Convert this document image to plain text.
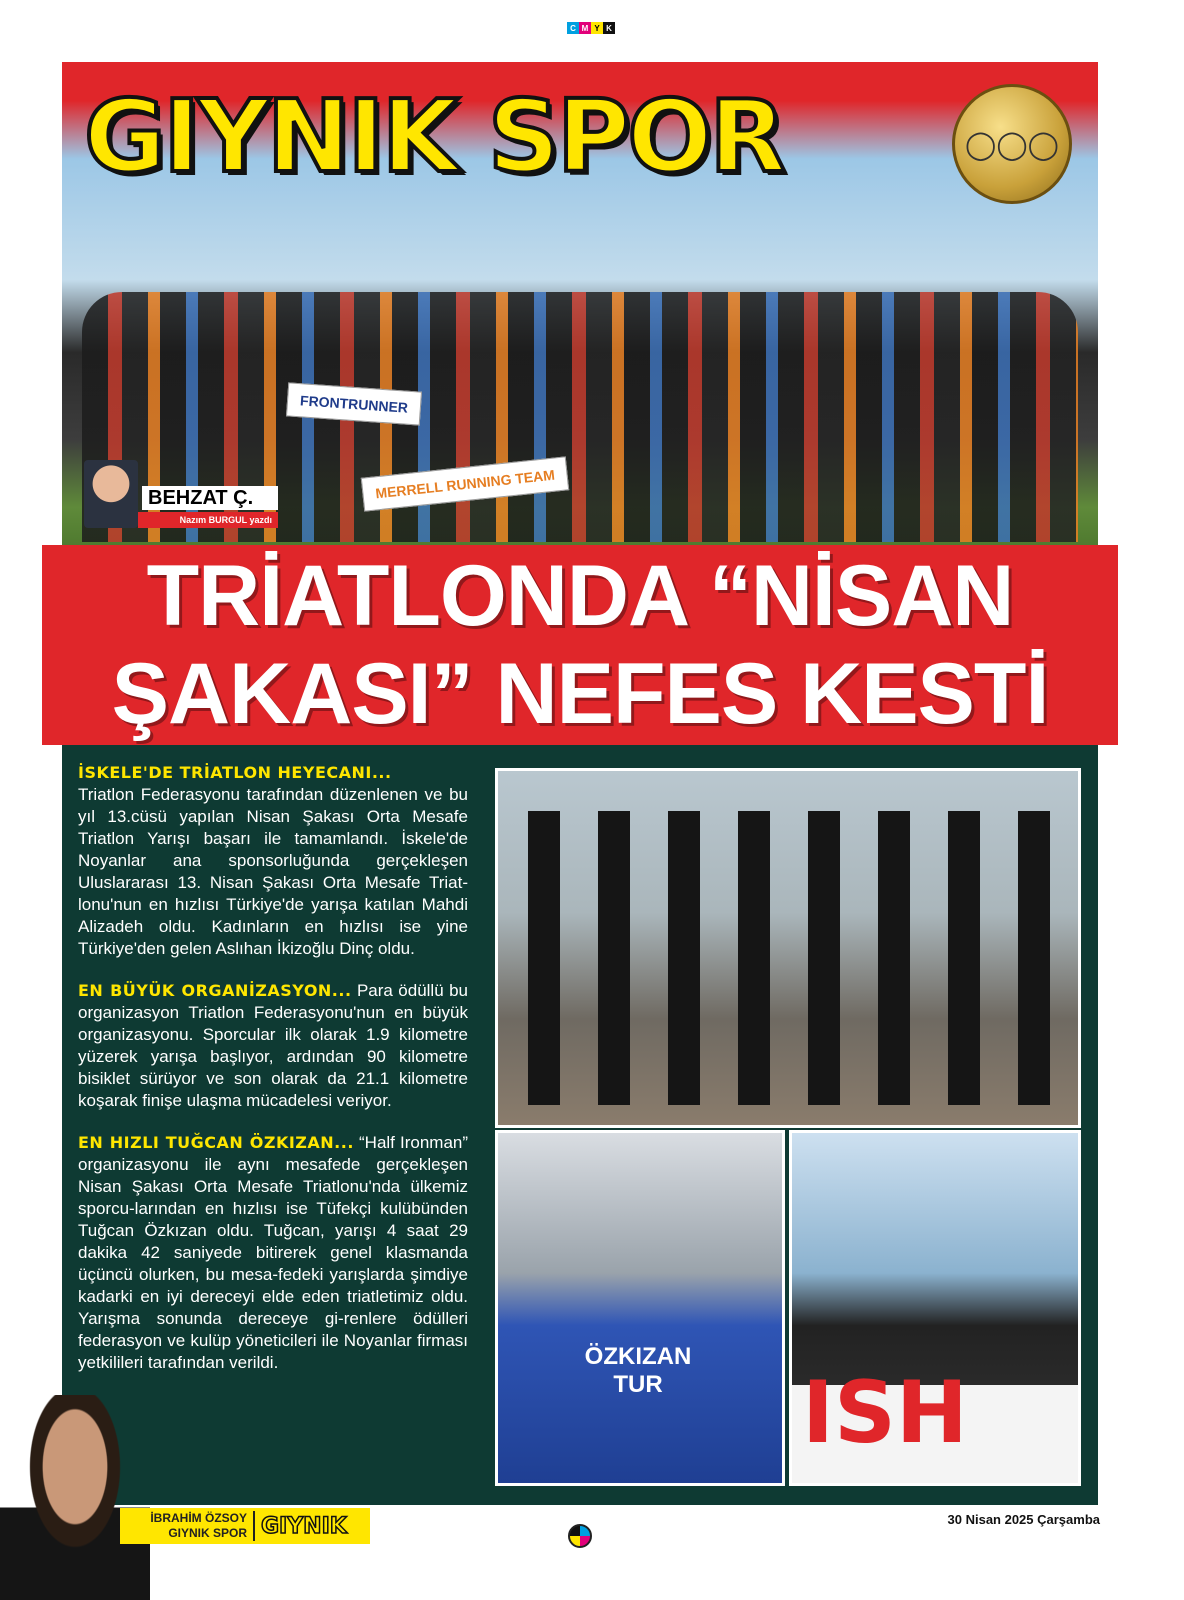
C M Y K
◯◯◯
GIYNIK SPOR
FRONTRUNNER
MERRELL RUNNING TEAM
BEHZAT Ç.
Nazım BURGUL yazdı
TRİATLONDA “NİSAN
ŞAKASI” NEFES KESTİ

İSKELE'DE TRİATLON HEYECANI...
Triatlon Federasyonu tarafından düzenlenen ve bu yıl 13.cüsü yapılan Nisan Şakası Orta Mesafe Triatlon Yarışı başarı ile tamamlandı. İskele'de Noyanlar ana sponsorluğunda gerçekleşen Uluslararası 13. Nisan Şakası Orta Mesafe Triat-lonu'nun en hızlısı Türkiye'de yarışa katılan Mahdi Alizadeh oldu. Kadınların en hızlısı ise yine Türkiye'den gelen Aslıhan İkizoğlu Dinç oldu.

EN BÜYÜK ORGANİZASYON... Para ödüllü bu organizasyon Triatlon Federasyonu'nun en büyük organizasyonu. Sporcular ilk olarak 1.9 kilometre yüzerek yarışa başlıyor, ardından 90 kilometre bisiklet sürüyor ve son olarak da 21.1 kilometre koşarak finişe ulaşma mücadelesi veriyor.

EN HIZLI TUĞCAN ÖZKIZAN... “Half Ironman” organizasyonu ile aynı mesafede gerçekleşen Nisan Şakası Orta Mesafe Triatlonu'nda ülkemiz sporcu-larından en hızlısı ise Tüfekçi kulübünden Tuğcan Özkızan oldu. Tuğcan, yarışı 4 saat 29 dakika 42 saniyede bitirerek genel klasmanda üçüncü olurken, bu mesa-fedeki yarışlarda şimdiye kadarki en iyi dereceyi elde eden triatletimiz oldu. Yarışma sonunda dereceye gi-renlere ödülleri federasyon ve kulüp yöneticileri ile Noyanlar firması yetkilileri tarafından verildi.	ÖZKIZAN TUR	ISH
İBRAHİM ÖZSOY
GIYNIK SPOR GIYNIK	30 Nisan 2025 Çarşamba
